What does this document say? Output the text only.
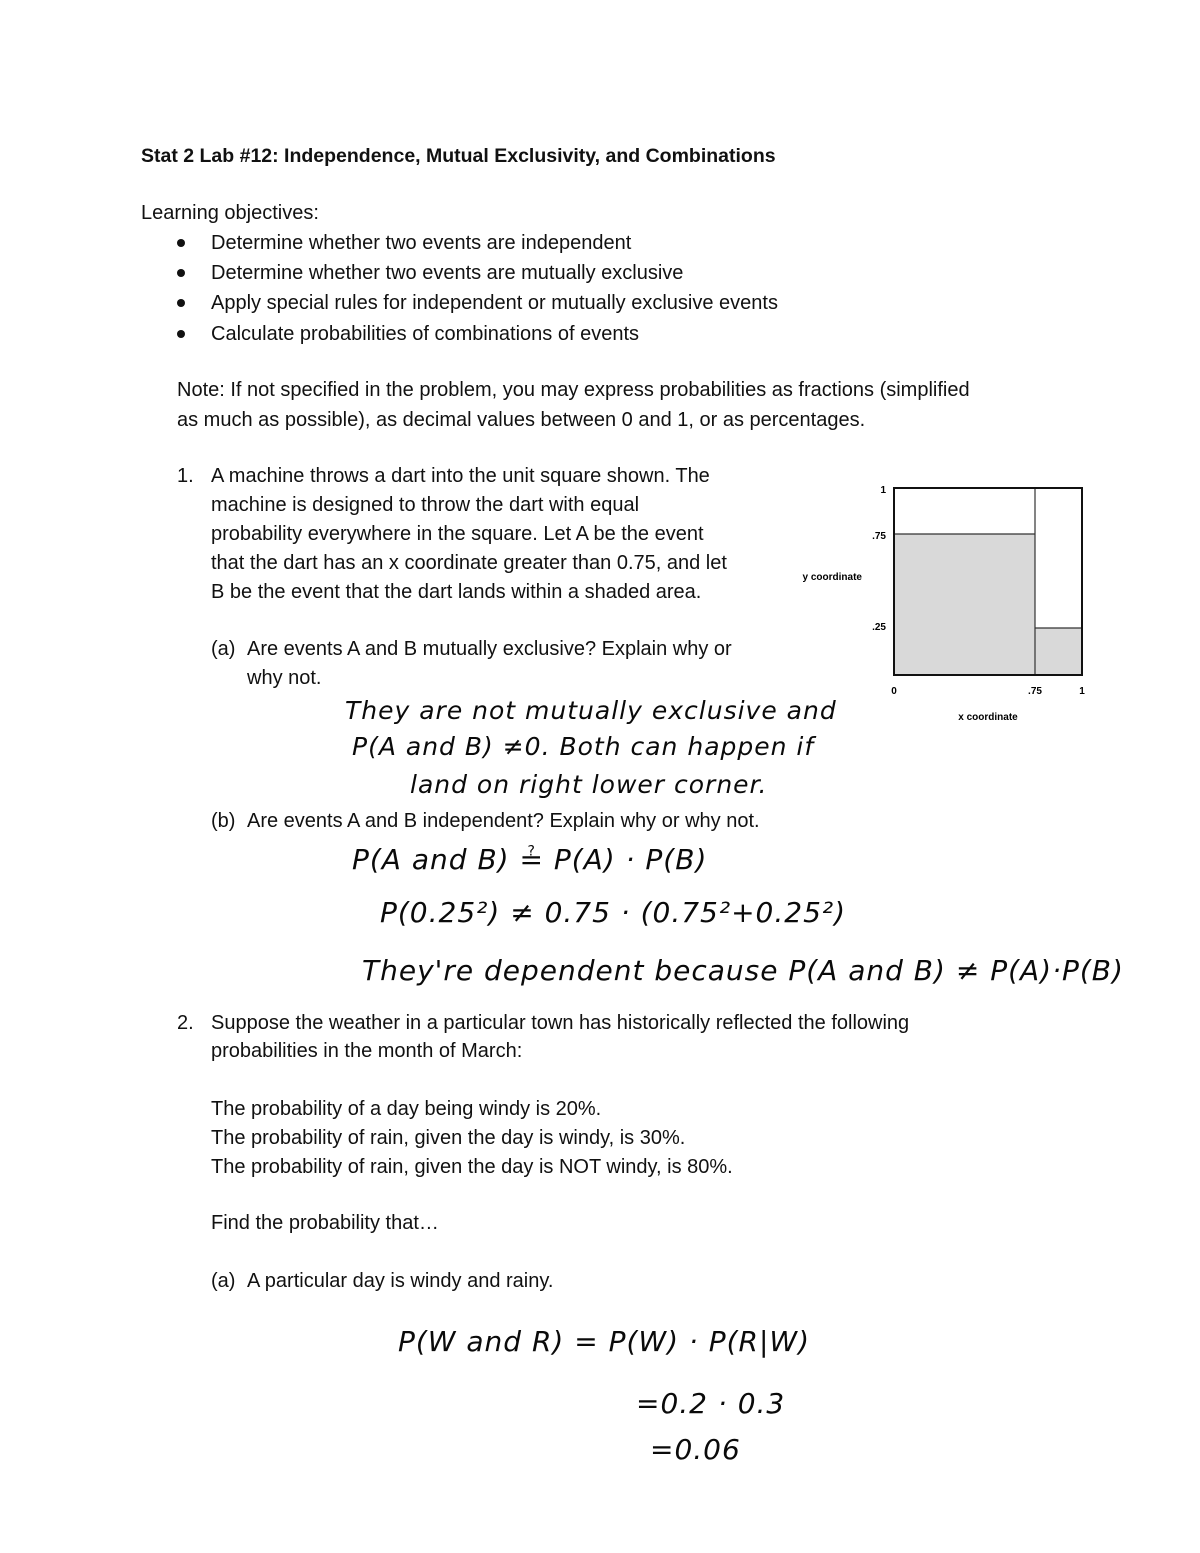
Stat 2 Lab #12: Independence, Mutual Exclusivity, and Combinations
Learning objectives:
Determine whether two events are independent
Determine whether two events are mutually exclusive
Apply special rules for independent or mutually exclusive events
Calculate probabilities of combinations of events
Note: If not specified in the problem, you may express probabilities as fractions (simplified
as much as possible), as decimal values between 0 and 1, or as percentages.
1. A machine throws a dart into the unit square shown. The
machine is designed to throw the dart with equal
probability everywhere in the square. Let A be the event
that the dart has an x coordinate greater than 0.75, and let
B be the event that the dart lands within a shaded area.
(a) Are events A and B mutually exclusive? Explain why or
why not.
They are not mutually exclusive and
P(A and B) ≠0. Both can happen if
land on right lower corner.
(b) Are events A and B independent? Explain why or why not.
P(A and B) ≟ P(A) · P(B)
P(0.25²) ≠ 0.75 · (0.75²+0.25²)
They're dependent because P(A and B) ≠ P(A)·P(B)
1
.75
.25
y coordinate
0	.75	1
x coordinate
2. Suppose the weather in a particular town has historically reflected the following
probabilities in the month of March:
The probability of a day being windy is 20%.
The probability of rain, given the day is windy, is 30%.
The probability of rain, given the day is NOT windy, is 80%.
Find the probability that…
(a) A particular day is windy and rainy.
P(W and R) = P(W) · P(R|W)
=0.2 · 0.3
=0.06
